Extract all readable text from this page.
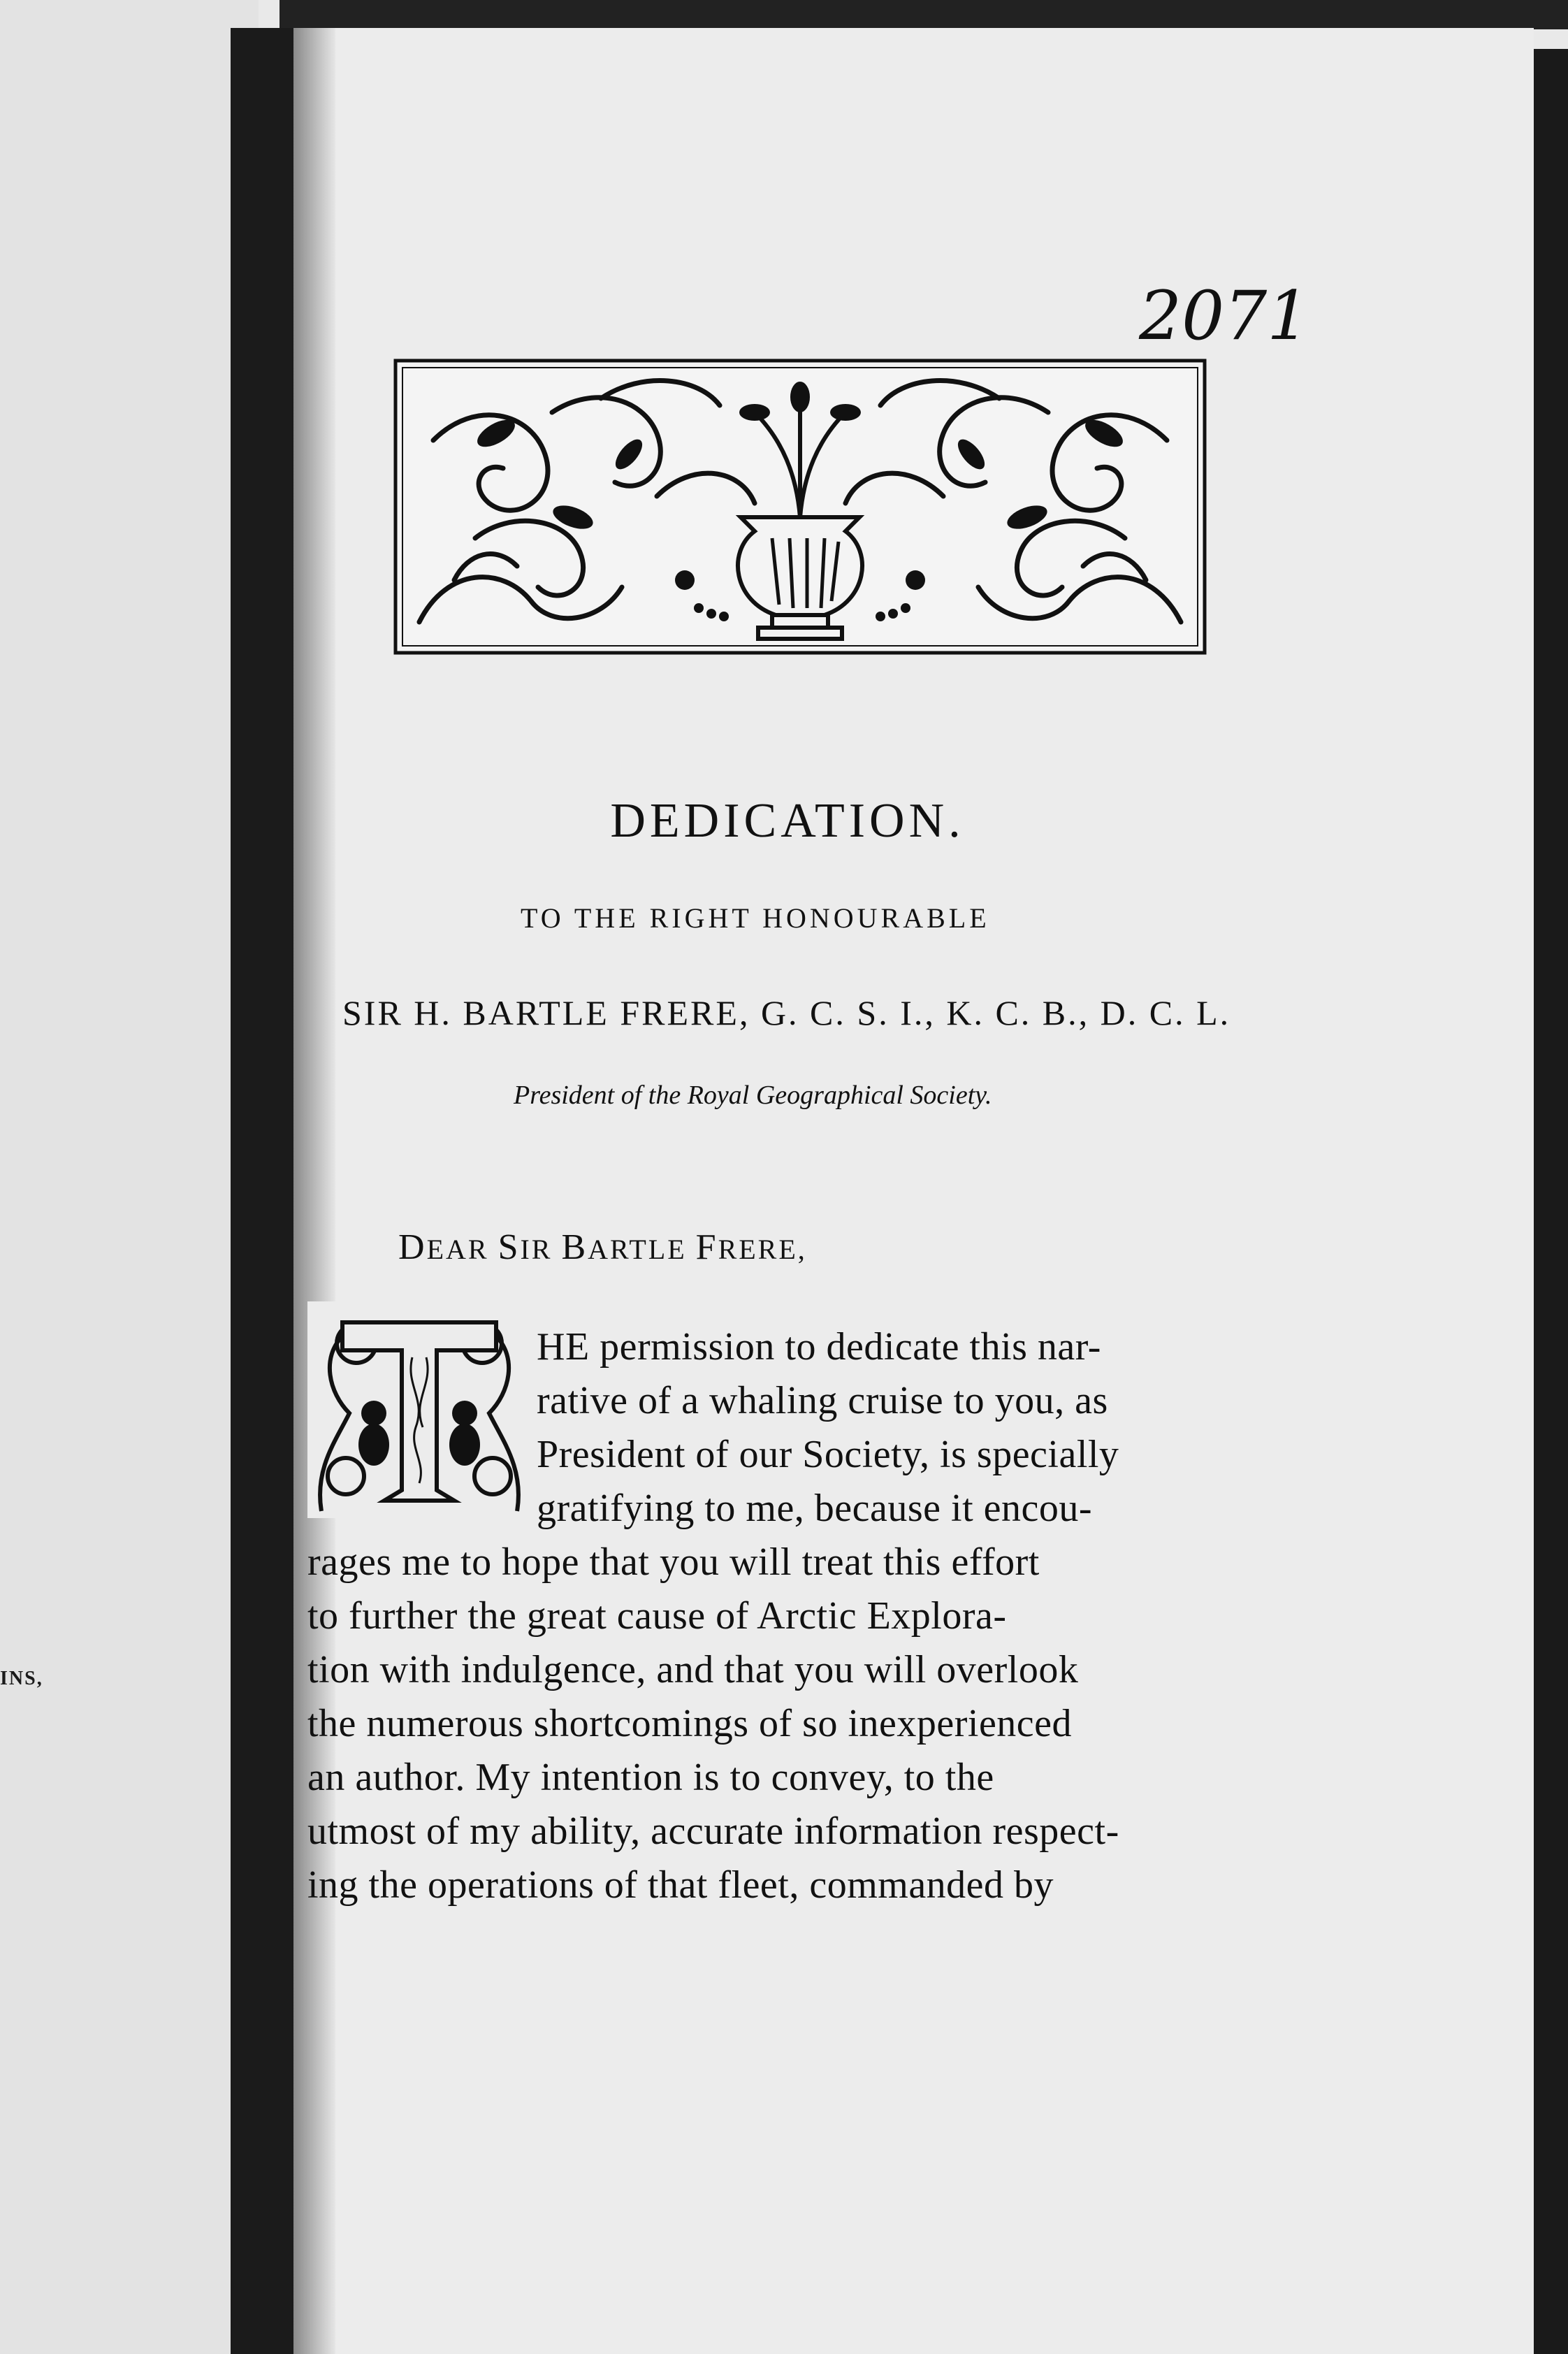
INS,
2071
DEDICATION.
TO THE RIGHT HONOURABLE
SIR H. BARTLE FRERE, G. C. S. I., K. C. B., D. C. L.
President of the Royal Geographical Society.
DEAR SIR BARTLE FRERE,
HE permission to dedicate this nar-
rative of a whaling cruise to you, as
President of our Society, is specially
gratifying to me, because it encou-
rages me to hope that you will treat this effort
to further the great cause of Arctic Explora-
tion with indulgence, and that you will overlook
the numerous shortcomings of so inexperienced
an author. My intention is to convey, to the
utmost of my ability, accurate information respect-
ing the operations of that fleet, commanded by
